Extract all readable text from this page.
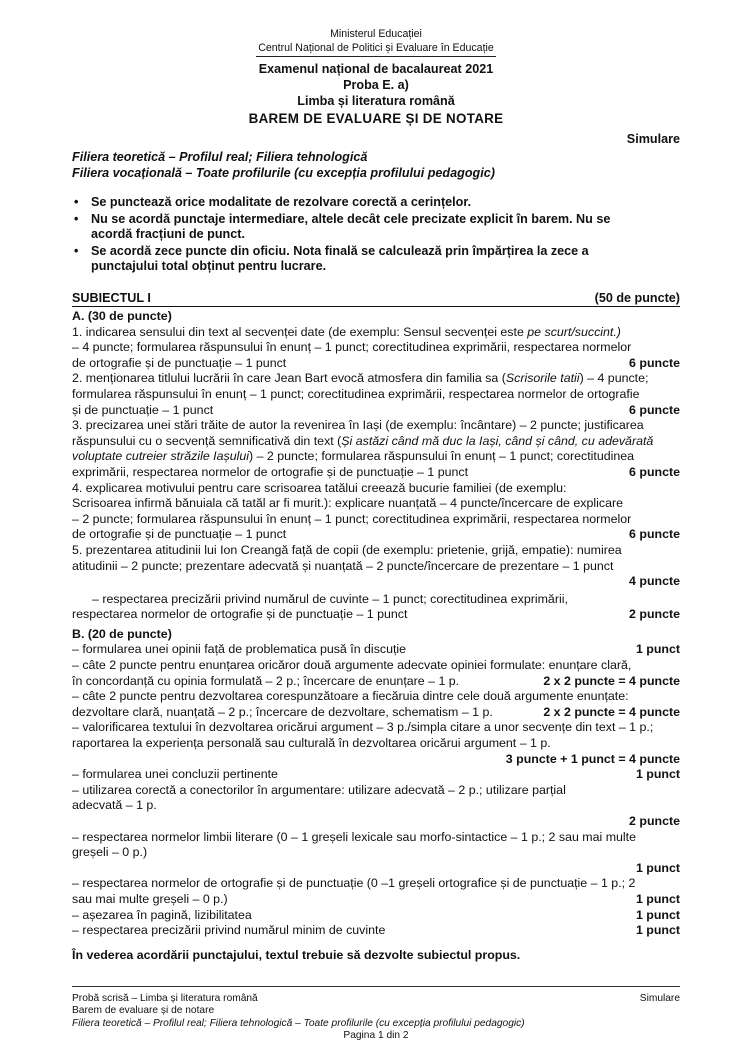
Ministerul Educației
Centrul Național de Politici și Evaluare în Educație
Examenul național de bacalaureat 2021
Proba E. a)
Limba și literatura română
BAREM DE EVALUARE ȘI DE NOTARE
Simulare
Filiera teoretică – Profilul real; Filiera tehnologică
Filiera vocațională – Toate profilurile (cu excepția profilului pedagogic)
• Se punctează orice modalitate de rezolvare corectă a cerințelor.
• Nu se acordă punctaje intermediare, altele decât cele precizate explicit în barem. Nu se
acordă fracțiuni de punct.
• Se acordă zece puncte din oficiu. Nota finală se calculează prin împărțirea la zece a
punctajului total obținut pentru lucrare.
SUBIECTUL I	(50 de puncte)
A. (30 de puncte)
1. indicarea sensului din text al secvenței date (de exemplu: Sensul secvenței este pe scurt/succint.)
– 4 puncte; formularea răspunsului în enunț – 1 punct; corectitudinea exprimării, respectarea normelor
de ortografie și de punctuație – 1 punct	6 puncte
2. menționarea titlului lucrării în care Jean Bart evocă atmosfera din familia sa (Scrisorile tatii) – 4 puncte;
formularea răspunsului în enunț – 1 punct; corectitudinea exprimării, respectarea normelor de ortografie
și de punctuație – 1 punct	6 puncte
3. precizarea unei stări trăite de autor la revenirea în Iași (de exemplu: încântare) – 2 puncte; justificarea
răspunsului cu o secvență semnificativă din text (Și astăzi când mă duc la Iași, când și când, cu adevărată
voluptate cutreier străzile Iașului) – 2 puncte; formularea răspunsului în enunț – 1 punct; corectitudinea
exprimării, respectarea normelor de ortografie și de punctuație – 1 punct	6 puncte
4. explicarea motivului pentru care scrisoarea tatălui creează bucurie familiei (de exemplu:
Scrisoarea infirmă bănuiala că tatăl ar fi murit.): explicare nuanțată – 4 puncte/încercare de explicare
– 2 puncte; formularea răspunsului în enunț – 1 punct; corectitudinea exprimării, respectarea normelor
de ortografie și de punctuație – 1 punct	6 puncte
5. prezentarea atitudinii lui Ion Creangă față de copii (de exemplu: prietenie, grijă, empatie): numirea
atitudinii – 2 puncte; prezentare adecvată și nuanțată – 2 puncte/încercare de prezentare – 1 punct
4 puncte
– respectarea precizării privind numărul de cuvinte – 1 punct; corectitudinea exprimării,
respectarea normelor de ortografie și de punctuație – 1 punct	2 puncte
B. (20 de puncte)
– formularea unei opinii față de problematica pusă în discuție	1 punct
– câte 2 puncte pentru enunțarea oricăror două argumente adecvate opiniei formulate: enunțare clară,
în concordanță cu opinia formulată – 2 p.; încercare de enunțare – 1 p.	2 x 2 puncte = 4 puncte
– câte 2 puncte pentru dezvoltarea corespunzătoare a fiecăruia dintre cele două argumente enunțate:
dezvoltare clară, nuanțată – 2 p.; încercare de dezvoltare, schematism – 1 p.	2 x 2 puncte = 4 puncte
– valorificarea textului în dezvoltarea oricărui argument – 3 p./simpla citare a unor secvențe din text – 1 p.;
raportarea la experiența personală sau culturală în dezvoltarea oricărui argument – 1 p.
3 puncte + 1 punct = 4 puncte
– formularea unei concluzii pertinente	1 punct
– utilizarea corectă a conectorilor în argumentare: utilizare adecvată – 2 p.; utilizare parțial
adecvată – 1 p.
2 puncte
– respectarea normelor limbii literare (0 – 1 greșeli lexicale sau morfo-sintactice – 1 p.; 2 sau mai multe
greșeli – 0 p.)
1 punct
– respectarea normelor de ortografie și de punctuație (0 –1 greșeli ortografice și de punctuație – 1 p.; 2
sau mai multe greșeli – 0 p.)	1 punct
– așezarea în pagină, lizibilitatea	1 punct
– respectarea precizării privind numărul minim de cuvinte	1 punct
În vederea acordării punctajului, textul trebuie să dezvolte subiectul propus.
Probă scrisă – Limba și literatura română	Simulare
Barem de evaluare și de notare
Filiera teoretică – Profilul real; Filiera tehnologică – Toate profilurile (cu excepția profilului pedagogic)
Pagina 1 din 2
